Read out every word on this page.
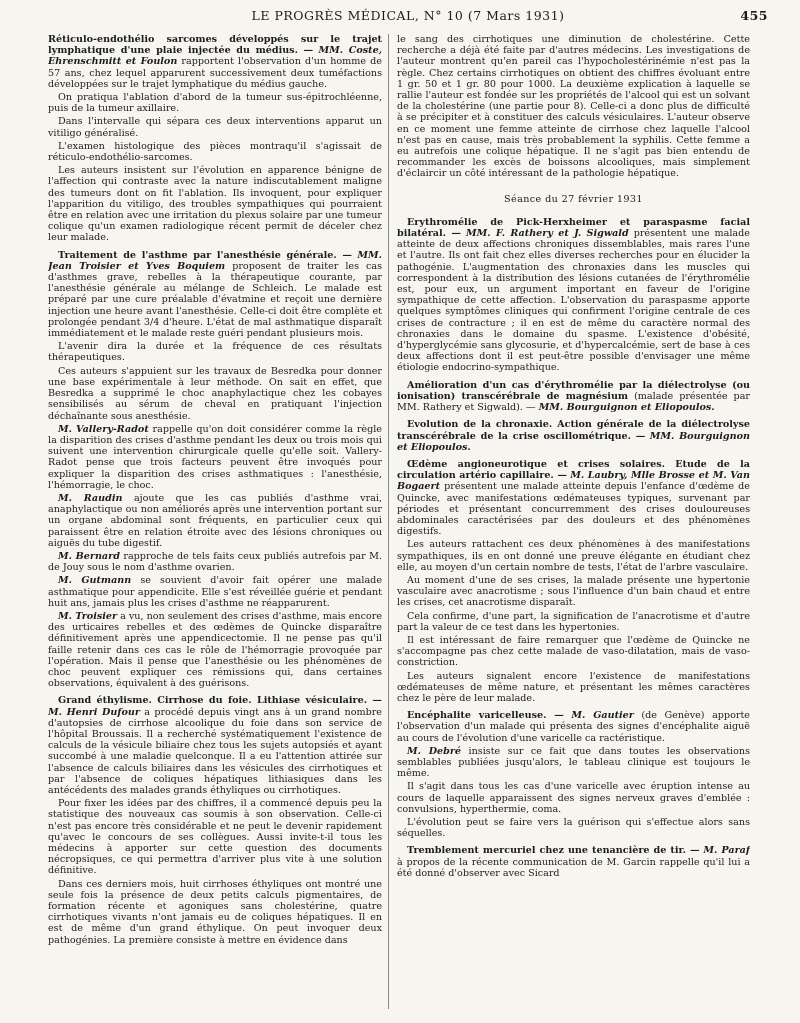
LE PROGRÈS MÉDICAL, N° 10 (7 Mars 1931)	455

Réticulo-endothélio sarcomes développés sur le trajet lymphatique d'une plaie injectée du médius. — MM. Coste, Ehrenschmitt et Foulon rapportent l'observation d'un homme de 57 ans, chez lequel apparurent successivement deux tuméfactions développées sur le trajet lymphatique du médius gauche.

On pratiqua l'ablation d'abord de la tumeur sus-épitrochléenne, puis de la tumeur axillaire.

Dans l'intervalle qui sépara ces deux interventions apparut un vitiligo généralisé.

L'examen histologique des pièces montraqu'il s'agissait de réticulo-endothélio-sarcomes.

Les auteurs insistent sur l'évolution en apparence bénigne de l'affection qui contraste avec la nature indiscutablement maligne des tumeurs dont on fit l'ablation. Ils invoquent, pour expliquer l'apparition du vitiligo, des troubles sympathiques qui pourraient être en relation avec une irritation du plexus solaire par une tumeur colique qu'un examen radiologique récent permit de déceler chez leur malade.

Traitement de l'asthme par l'anesthésie générale. — MM. Jean Troisier et Yves Boquiem proposent de traiter les cas d'asthmes grave, rebelles à la thérapeutique courante, par l'anesthésie générale au mélange de Schleich. Le malade est préparé par une cure préalable d'évatmine et reçoit une dernière injection une heure avant l'anesthésie. Celle-ci doit être complète et prolongée pendant 3/4 d'heure. L'état de mal asthmatique disparaît immédiatement et le malade reste guéri pendant plusieurs mois.

L'avenir dira la durée et la fréquence de ces résultats thérapeutiques.

Ces auteurs s'appuient sur les travaux de Besredka pour donner une base expérimentale à leur méthode. On sait en effet, que Besredka a supprimé le choc anaphylactique chez les cobayes sensibilisés au sérum de cheval en pratiquant l'injection déchaînante sous anesthésie.

M. Vallery-Radot rappelle qu'on doit considérer comme la règle la disparition des crises d'asthme pendant les deux ou trois mois qui suivent une intervention chirurgicale quelle qu'elle soit. Vallery-Radot pense que trois facteurs peuvent être invoqués pour expliquer la disparition des crises asthmatiques : l'anesthésie, l'hémorragie, le choc.

M. Raudin ajoute que les cas publiés d'asthme vrai, anaphylactique ou non améliorés après une intervention portant sur un organe abdominal sont fréquents, en particulier ceux qui paraissent être en relation étroite avec des lésions chroniques ou aiguës du tube digestif.

M. Bernard rapproche de tels faits ceux publiés autrefois par M. de Jouy sous le nom d'asthme ovarien.

M. Gutmann se souvient d'avoir fait opérer une malade asthmatique pour appendicite. Elle s'est réveillée guérie et pendant huit ans, jamais plus les crises d'asthme ne réapparurent.

M. Troisier a vu, non seulement des crises d'asthme, mais encore des urticaires rebelles et des œdèmes de Quincke disparaître définitivement après une appendicectomie. Il ne pense pas qu'il faille retenir dans ces cas le rôle de l'hémorragie provoquée par l'opération. Mais il pense que l'anesthésie ou les phénomènes de choc peuvent expliquer ces rémissions qui, dans certaines observations, équivalent à des guérisons.

Grand éthylisme. Cirrhose du foie. Lithiase vésiculaire. — M. Henri Dufour a procédé depuis vingt ans à un grand nombre d'autopsies de cirrhose alcoolique du foie dans son service de l'hôpital Broussais. Il a recherché systématiquement l'existence de calculs de la vésicule biliaire chez tous les sujets autopsiés et ayant succombé à une maladie quelconque. Il a eu l'attention attirée sur l'absence de calculs biliaires dans les vésicules des cirrhotiques et par l'absence de coliques hépatiques lithiasiques dans les antécédents des malades grands éthyliques ou cirrhotiques.

Pour fixer les idées par des chiffres, il a commencé depuis peu la statistique des nouveaux cas soumis à son observation. Celle-ci n'est pas encore très considérable et ne peut le devenir rapidement qu'avec le concours de ses collègues. Aussi invite-t-il tous les médecins à apporter sur cette question des documents nécropsiques, ce qui permettra d'arriver plus vite à une solution définitive.

Dans ces derniers mois, huit cirrhoses éthyliques ont montré une seule fois la présence de deux petits calculs pigmentaires, de formation récente et agoniques sans cholestérine, quatre cirrhotiques vivants n'ont jamais eu de coliques hépatiques. Il en est de même d'un grand éthylique. On peut invoquer deux pathogénies. La première consiste à mettre en évidence dans

le sang des cirrhotiques une diminution de cholestérine. Cette recherche a déjà été faite par d'autres médecins. Les investigations de l'auteur montrent qu'en pareil cas l'hypocholestérinémie n'est pas la règle. Chez certains cirrhotiques on obtient des chiffres évoluant entre 1 gr. 50 et 1 gr. 80 pour 1000. La deuxième explication à laquelle se rallie l'auteur est fondée sur les propriétés de l'alcool qui est un solvant de la cholestérine (une partie pour 8). Celle-ci a donc plus de difficulté à se précipiter et à constituer des calculs vésiculaires. L'auteur observe en ce moment une femme atteinte de cirrhose chez laquelle l'alcool n'est pas en cause, mais très probablement la syphilis. Cette femme a eu autrefois une colique hépatique. Il ne s'agit pas bien entendu de recommander les excès de boissons alcooliques, mais simplement d'éclaircir un côté intéressant de la pathologie hépatique.

Séance du 27 février 1931

Erythromélie de Pick-Herxheimer et paraspasme facial bilatéral. — MM. F. Rathery et J. Sigwald présentent une malade atteinte de deux affections chroniques dissemblables, mais rares l'une et l'autre. Ils ont fait chez elles diverses recherches pour en élucider la pathogénie. L'augmentation des chronaxies dans les muscles qui correspondent à la distribution des lésions cutanées de l'érythromélie est, pour eux, un argument important en faveur de l'origine sympathique de cette affection. L'observation du paraspasme apporte quelques symptômes cliniques qui confirment l'origine centrale de ces crises de contracture ; il en est de même du caractère normal des chronaxies dans le domaine du spasme. L'existence d'obésité, d'hyperglycémie sans glycosurie, et d'hypercalcémie, sert de base à ces deux affections dont il est peut-être possible d'envisager une même étiologie endocrino-sympathique.

Amélioration d'un cas d'érythromélie par la diélectrolyse (ou ionisation) transcérébrale de magnésium (malade présentée par MM. Rathery et Sigwald). — MM. Bourguignon et Eliopoulos.

Evolution de la chronaxie. Action générale de la diélectrolyse transcérébrale de la crise oscillométrique. — MM. Bourguignon et Eliopoulos.

Œdème angioneurotique et crises solaires. Etude de la circulation artério capillaire. — M. Laubry, Mlle Brosse et M. Van Bogaert présentent une malade atteinte depuis l'enfance d'œdème de Quincke, avec manifestations œdémateuses typiques, survenant par périodes et présentant concurremment des crises douloureuses abdominales caractérisées par des douleurs et des phénomènes digestifs.

Les auteurs rattachent ces deux phénomènes à des manifestations sympathiques, ils en ont donné une preuve élégante en étudiant chez elle, au moyen d'un certain nombre de tests, l'état de l'arbre vasculaire.

Au moment d'une de ses crises, la malade présente une hypertonie vasculaire avec anacrotisme ; sous l'influence d'un bain chaud et entre les crises, cet anacrotisme disparaît.

Cela confirme, d'une part, la signification de l'anacrotisme et d'autre part la valeur de ce test dans les hypertonies.

Il est intéressant de faire remarquer que l'œdème de Quincke ne s'accompagne pas chez cette malade de vaso-dilatation, mais de vaso-constriction.

Les auteurs signalent encore l'existence de manifestations œdémateuses de même nature, et présentant les mêmes caractères chez le père de leur malade.

Encéphalite varicelleuse. — M. Gautier (de Genève) apporte l'observation d'un malade qui présenta des signes d'encéphalite aiguë au cours de l'évolution d'une varicelle ca ractéristique.

M. Debré insiste sur ce fait que dans toutes les observations semblables publiées jusqu'alors, le tableau clinique est toujours le même.

Il s'agit dans tous les cas d'une varicelle avec éruption intense au cours de laquelle apparaissent des signes nerveux graves d'emblée : convulsions, hyperthermie, coma.

L'évolution peut se faire vers la guérison qui s'effectue alors sans séquelles.

Tremblement mercuriel chez une tenancière de tir. — M. Paraf à propos de la récente communication de M. Garcin rappelle qu'il lui a été donné d'observer avec Sicard
